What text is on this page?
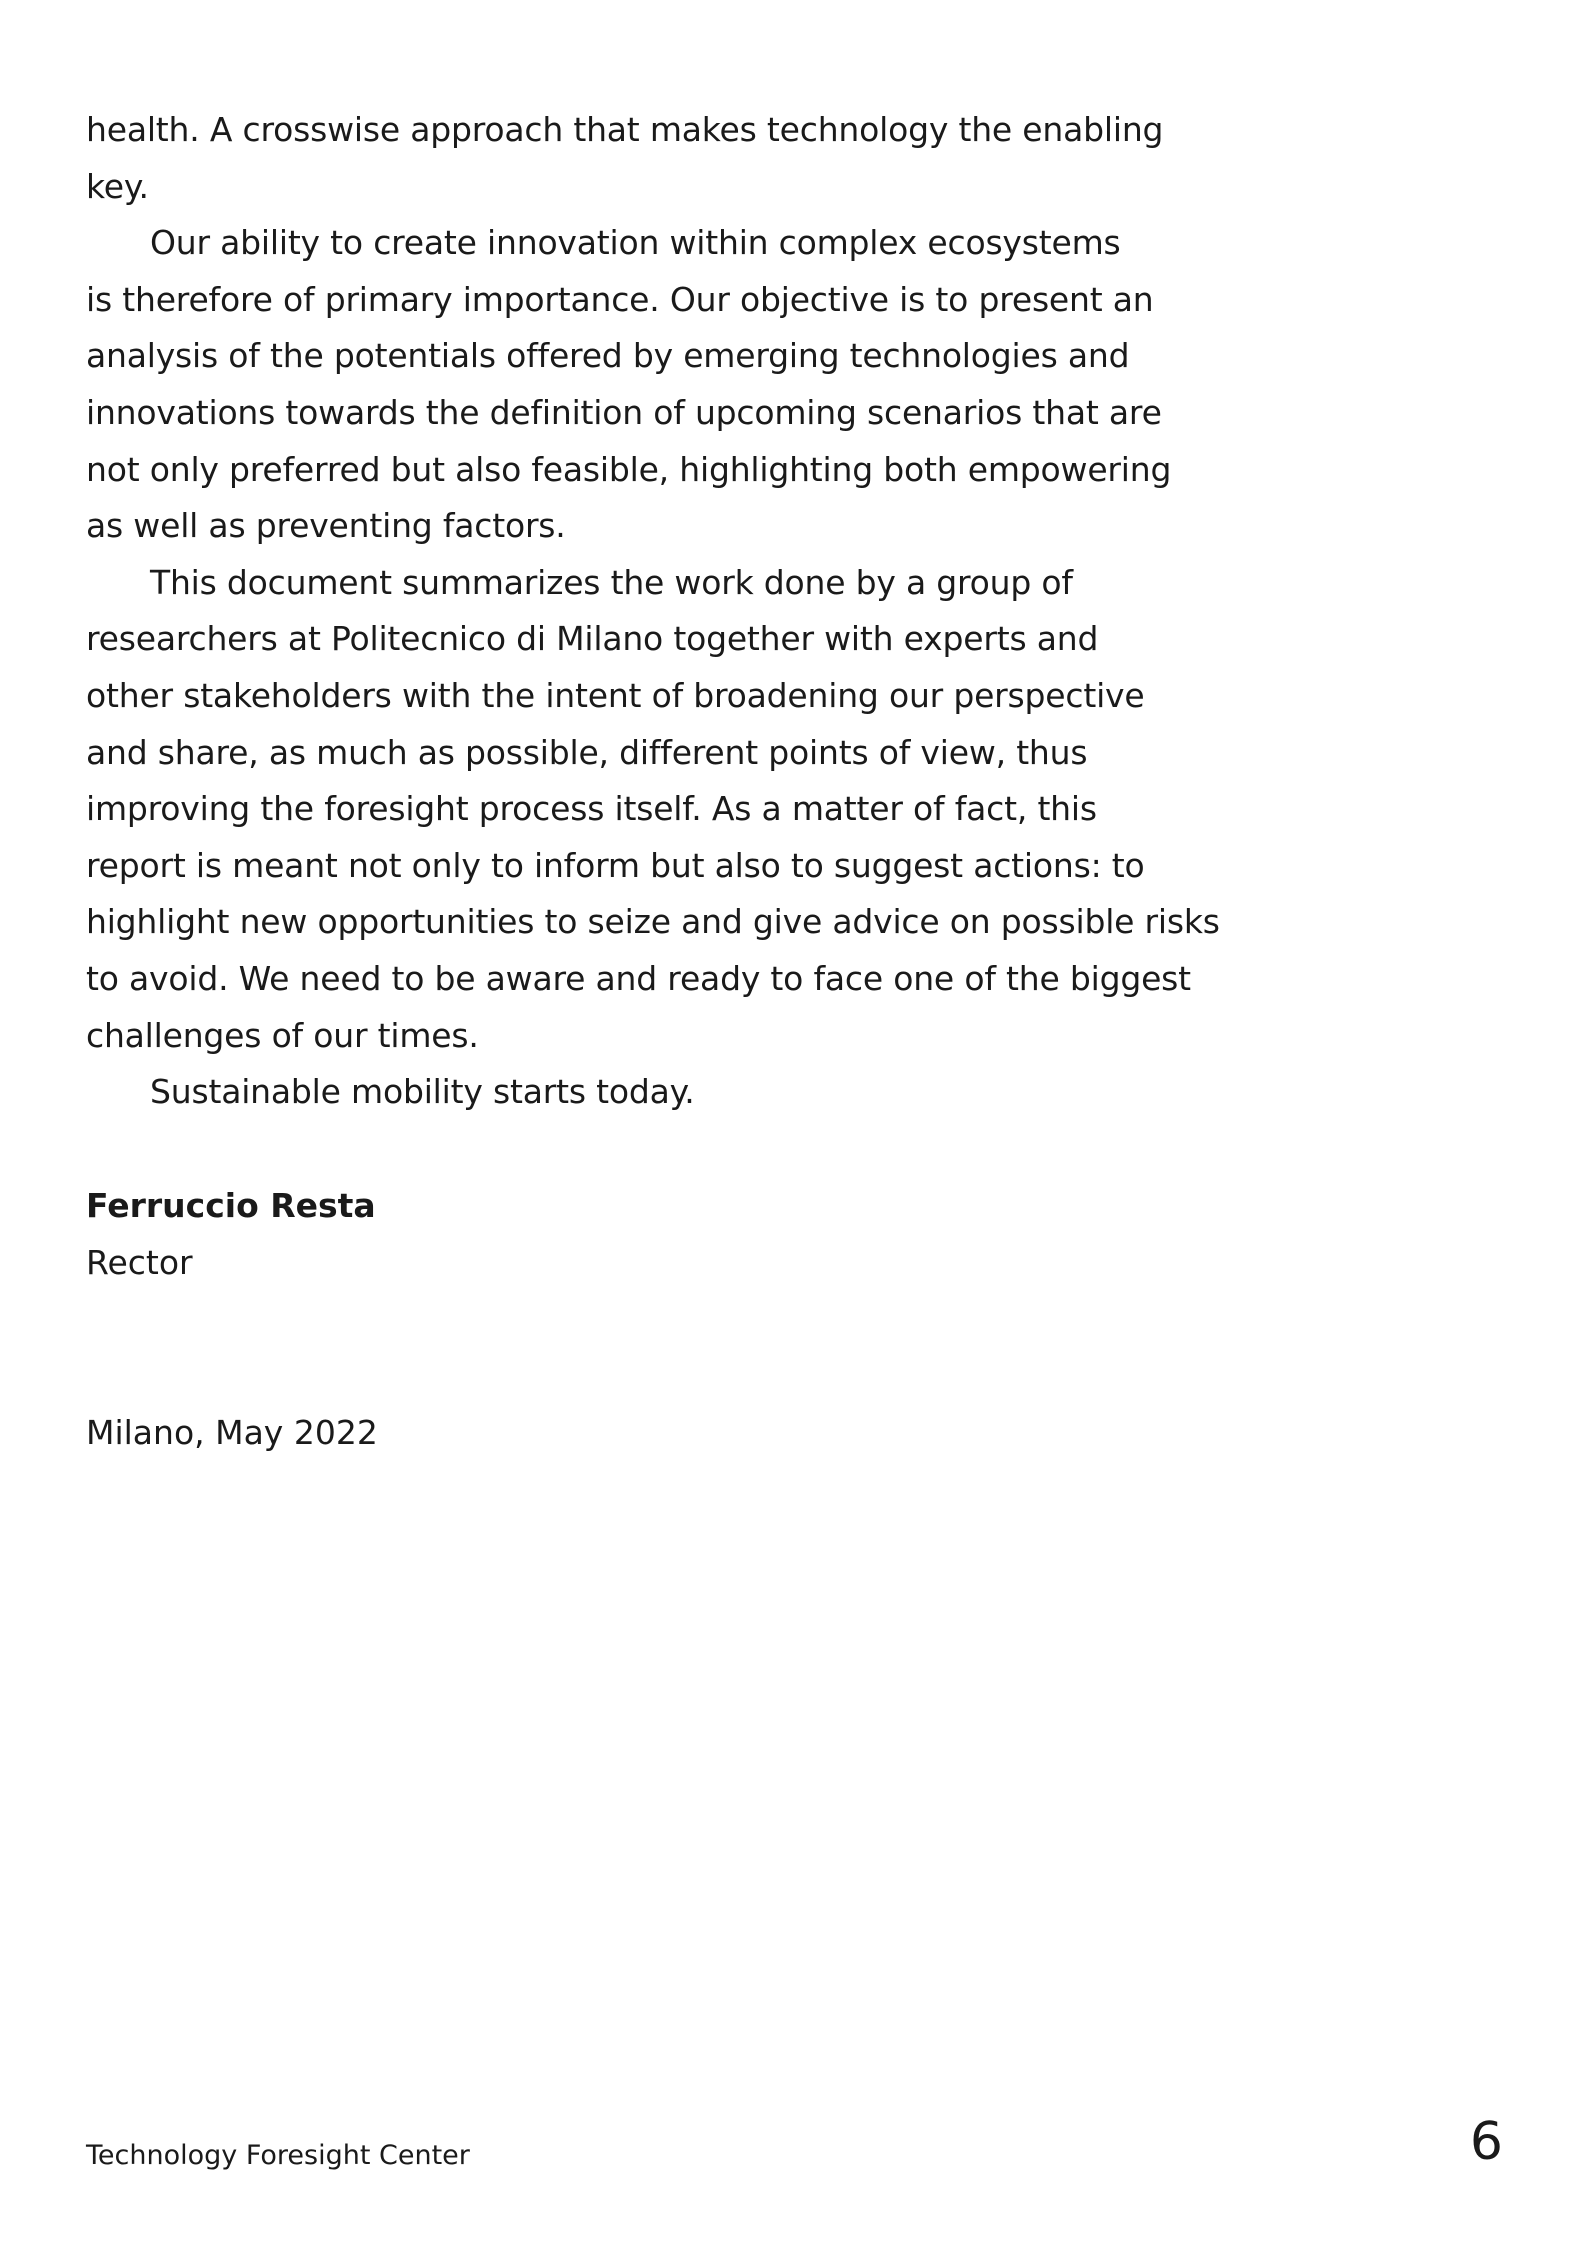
health. A crosswise approach that makes technology the enabling
key.
Our ability to create innovation within complex ecosystems
is therefore of primary importance. Our objective is to present an
analysis of the potentials offered by emerging technologies and
innovations towards the definition of upcoming scenarios that are
not only preferred but also feasible, highlighting both empowering
as well as preventing factors.
This document summarizes the work done by a group of
researchers at Politecnico di Milano together with experts and
other stakeholders with the intent of broadening our perspective
and share, as much as possible, different points of view, thus
improving the foresight process itself. As a matter of fact, this
report is meant not only to inform but also to suggest actions: to
highlight new opportunities to seize and give advice on possible risks
to avoid. We need to be aware and ready to face one of the biggest
challenges of our times.
Sustainable mobility starts today.
Ferruccio Resta
Rector
Milano, May 2022
Technology Foresight Center	6
